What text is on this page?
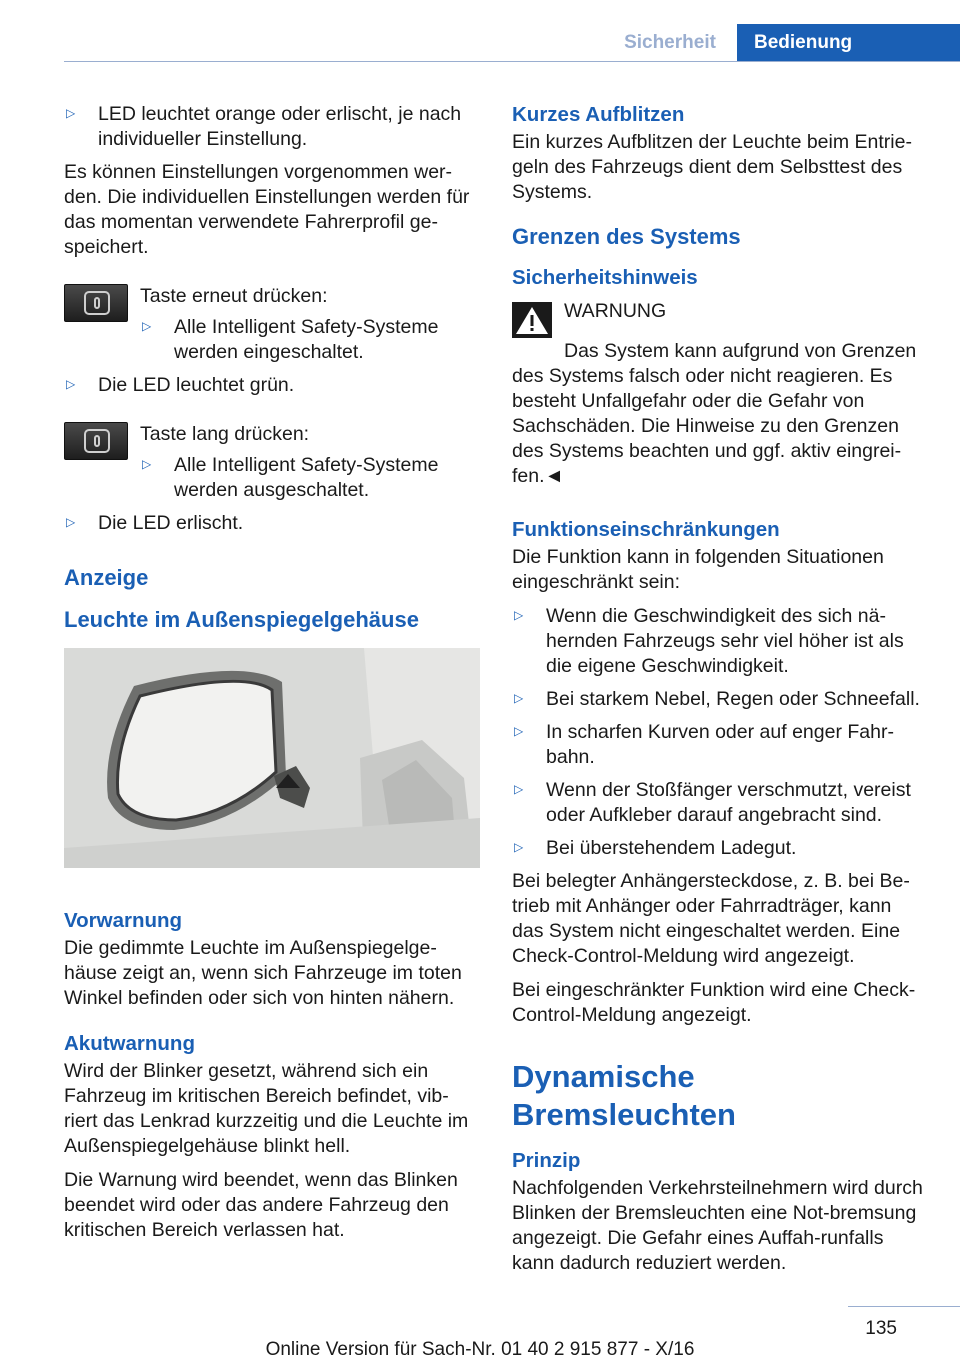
Sicherheit	Bedienung
▷ LED leuchtet orange oder erlischt, je nach individueller Einstellung.

Es können Einstellungen vorgenommen wer-den. Die individuellen Einstellungen werden für das momentan verwendete Fahrerprofil ge-speichert.

Taste erneut drücken:
▷ Alle Intelligent Safety-Systeme werden eingeschaltet.
▷ Die LED leuchtet grün.
Taste lang drücken:
▷ Alle Intelligent Safety-Systeme werden ausgeschaltet.
▷ Die LED erlischt.
Anzeige
Leuchte im Außenspiegelgehäuse
Vorwarnung

Die gedimmte Leuchte im Außenspiegelge-häuse zeigt an, wenn sich Fahrzeuge im toten Winkel befinden oder sich von hinten nähern.

Akutwarnung

Wird der Blinker gesetzt, während sich ein Fahrzeug im kritischen Bereich befindet, vib-riert das Lenkrad kurzzeitig und die Leuchte im Außenspiegelgehäuse blinkt hell.

Die Warnung wird beendet, wenn das Blinken beendet wird oder das andere Fahrzeug den kritischen Bereich verlassen hat.

Kurzes Aufblitzen

Ein kurzes Aufblitzen der Leuchte beim Entrie-geln des Fahrzeugs dient dem Selbsttest des Systems.

Grenzen des Systems
Sicherheitshinweis
WARNUNG

Das System kann aufgrund von Grenzen des Systems falsch oder nicht reagieren. Es besteht Unfallgefahr oder die Gefahr von Sachschäden. Die Hinweise zu den Grenzen des Systems beachten und ggf. aktiv eingrei-fen.◄

Funktionseinschränkungen

Die Funktion kann in folgenden Situationen eingeschränkt sein:

▷ Wenn die Geschwindigkeit des sich nä-hernden Fahrzeugs sehr viel höher ist als die eigene Geschwindigkeit.
▷ Bei starkem Nebel, Regen oder Schneefall.
▷ In scharfen Kurven oder auf enger Fahr-bahn.
▷ Wenn der Stoßfänger verschmutzt, vereist oder Aufkleber darauf angebracht sind.
▷ Bei überstehendem Ladegut.

Bei belegter Anhängersteckdose, z. B. bei Be-trieb mit Anhänger oder Fahrradträger, kann das System nicht eingeschaltet werden. Eine Check-Control-Meldung wird angezeigt.

Bei eingeschränkter Funktion wird eine Check-Control-Meldung angezeigt.

Dynamische Bremsleuchten
Prinzip

Nachfolgenden Verkehrsteilnehmern wird durch Blinken der Bremsleuchten eine Not-bremsung angezeigt. Die Gefahr eines Auffah-runfalls kann dadurch reduziert werden.

135
Online Version für Sach-Nr. 01 40 2 915 877 - X/16
